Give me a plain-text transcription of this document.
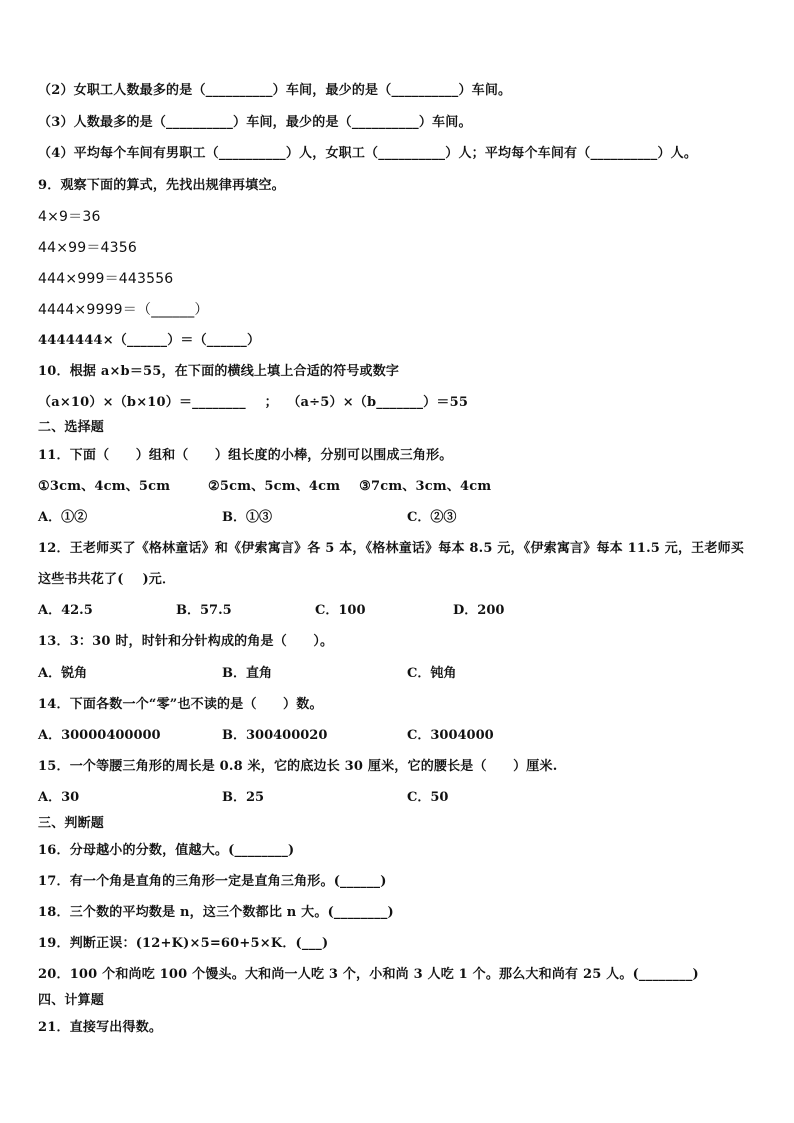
（2）女职工人数最多的是（__________）车间，最少的是（__________）车间。
（3）人数最多的是（__________）车间，最少的是（__________）车间。
（4）平均每个车间有男职工（__________）人，女职工（__________）人；平均每个车间有（__________）人。
9．观察下面的算式，先找出规律再填空。
4×9＝36
44×99＝4356
444×999＝443556
4444×9999＝（______）
4444444×（______）＝（______）
10．根据 a×b＝55，在下面的横线上填上合适的符号或数字
（a×10）×（b×10）＝________    ；  （a÷5）×（b_______）＝55
二、选择题
11．下面（　　）组和（　　）组长度的小棒，分别可以围成三角形。
①3cm、4cm、5cm        ②5cm、5cm、4cm    ③7cm、3cm、4cm
A．①②	B．①③	C．②③
12．王老师买了《格林童话》和《伊索寓言》各 5 本，《格林童话》每本 8.5 元，《伊索寓言》每本 11.5 元，王老师买
这些书共花了(    )元．
A．42.5	B．57.5	C．100	D．200
13．3：30 时，时针和分针构成的角是（　　）。
A．锐角	B．直角	C．钝角
14．下面各数一个“零”也不读的是（　　）数。
A．30000400000	B．300400020	C．3004000
15．一个等腰三角形的周长是 0.8 米，它的底边长 30 厘米，它的腰长是（　　）厘米.
A．30	B．25	C．50
三、判断题
16．分母越小的分数，值越大。(________)
17．有一个角是直角的三角形一定是直角三角形。(______)
18．三个数的平均数是 n，这三个数都比 n 大。(________)
19．判断正误：(12+K)×5=60+5×K．(___)
20．100 个和尚吃 100 个馒头。大和尚一人吃 3 个，小和尚 3 人吃 1 个。那么大和尚有 25 人。(________)
四、计算题
21．直接写出得数。
